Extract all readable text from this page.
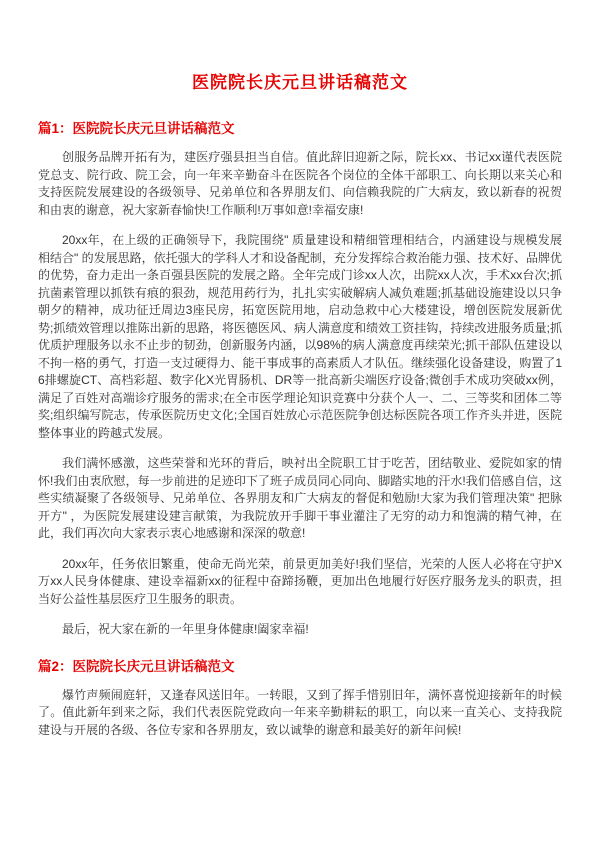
医院院长庆元旦讲话稿范文
篇1：医院院长庆元旦讲话稿范文

创服务品牌开拓有为，建医疗强县担当自信。值此辞旧迎新之际，院长xx、书记xx谨代表医院党总支、院行政、院工会，向一年来辛勤奋斗在医院各个岗位的全体干部职工、向长期以来关心和支持医院发展建设的各级领导、兄弟单位和各界朋友们、向信赖我院的广大病友，致以新春的祝贺和由衷的谢意，祝大家新春愉快!工作顺利!万事如意!幸福安康!

20xx年，在上级的正确领导下，我院围绕" 质量建设和精细管理相结合，内涵建设与规模发展相结合" 的发展思路，依托强大的学科人才和设备配制，充分发挥综合救治能力强、技术好、品牌优的优势，奋力走出一条百强县医院的发展之路。全年完成门诊xx人次，出院xx人次，手术xx台次;抓抗菌素管理以抓铁有痕的狠劲，规范用药行为，扎扎实实破解病人减负难题;抓基础设施建设以只争朝夕的精神，成功征迁周边3座民房，拓宽医院用地，启动急救中心大楼建设，增创医院发展新优势;抓绩效管理以推陈出新的思路，将医德医风、病人满意度和绩效工资挂钩，持续改进服务质量;抓优质护理服务以永不止步的韧劲，创新服务内涵，以98%的病人满意度再续荣光;抓干部队伍建设以不拘一格的勇气，打造一支过硬得力、能干事成事的高素质人才队伍。继续强化设备建设，购置了16排螺旋CT、高档彩超、数字化X光胃肠机、DR等一批高新尖端医疗设备;微创手术成功突破xx例，满足了百姓对高端诊疗服务的需求;在全市医学理论知识竞赛中分获个人一、二、三等奖和团体二等奖;组织编写院志，传承医院历史文化;全国百姓放心示范医院争创达标医院各项工作齐头并进，医院整体事业的跨越式发展。

我们满怀感激，这些荣誉和光环的背后，映衬出全院职工甘于吃苦，团结敬业、爱院如家的情怀!我们由衷欣慰，每一步前进的足迹印下了班子成员同心同向、脚踏实地的汗水!我们倍感自信，这些实绩凝聚了各级领导、兄弟单位、各界朋友和广大病友的督促和勉励!大家为我们管理决策" 把脉开方" ，为医院发展建设建言献策，为我院放开手脚干事业灌注了无穷的动力和饱满的精气神，在此，我们再次向大家表示衷心地感谢和深深的敬意!

20xx年，任务依旧繁重，使命无尚光荣，前景更加美好!我们坚信，光荣的人医人必将在守护X万xx人民身体健康、建设幸福新xx的征程中奋蹄扬鞭，更加出色地履行好医疗服务龙头的职责，担当好公益性基层医疗卫生服务的职责。

最后，祝大家在新的一年里身体健康!阖家幸福!

篇2：医院院长庆元旦讲话稿范文

爆竹声频闹庭轩，又逢春风送旧年。一转眼，又到了挥手惜别旧年，满怀喜悦迎接新年的时候了。值此新年到来之际，我们代表医院党政向一年来辛勤耕耘的职工，向以来一直关心、支持我院建设与开展的各级、各位专家和各界朋友，致以诚挚的谢意和最美好的新年问候!
